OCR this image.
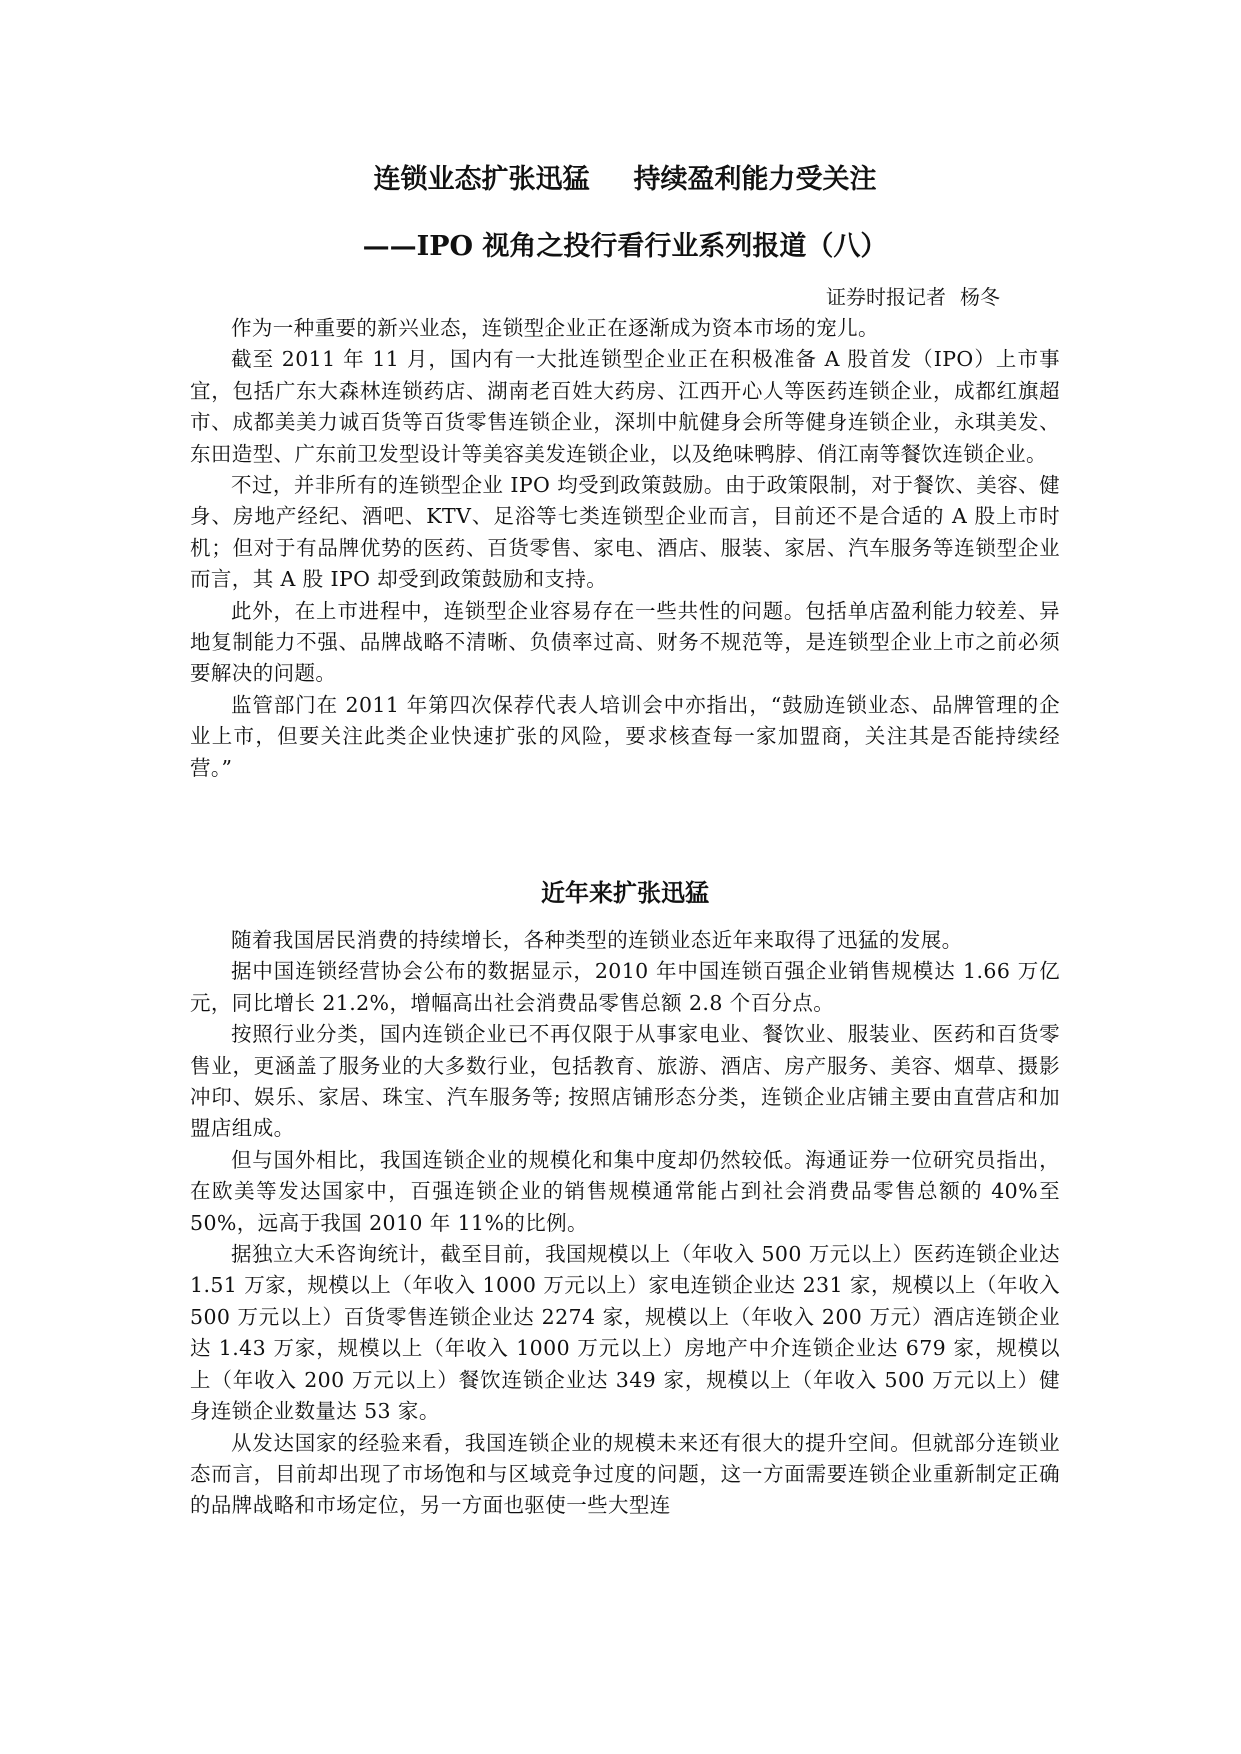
连锁业态扩张迅猛 持续盈利能力受关注
——IPO 视角之投行看行业系列报道（八）
证券时报记者 杨冬

作为一种重要的新兴业态，连锁型企业正在逐渐成为资本市场的宠儿。

截至 2011 年 11 月，国内有一大批连锁型企业正在积极准备 A 股首发（IPO）上市事宜，包括广东大森林连锁药店、湖南老百姓大药房、江西开心人等医药连锁企业，成都红旗超市、成都美美力诚百货等百货零售连锁企业，深圳中航健身会所等健身连锁企业，永琪美发、东田造型、广东前卫发型设计等美容美发连锁企业，以及绝味鸭脖、俏江南等餐饮连锁企业。

不过，并非所有的连锁型企业 IPO 均受到政策鼓励。由于政策限制，对于餐饮、美容、健身、房地产经纪、酒吧、KTV、足浴等七类连锁型企业而言，目前还不是合适的 A 股上市时机；但对于有品牌优势的医药、百货零售、家电、酒店、服装、家居、汽车服务等连锁型企业而言，其 A 股 IPO 却受到政策鼓励和支持。

此外，在上市进程中，连锁型企业容易存在一些共性的问题。包括单店盈利能力较差、异地复制能力不强、品牌战略不清晰、负债率过高、财务不规范等，是连锁型企业上市之前必须要解决的问题。

监管部门在 2011 年第四次保荐代表人培训会中亦指出，“鼓励连锁业态、品牌管理的企业上市，但要关注此类企业快速扩张的风险，要求核查每一家加盟商，关注其是否能持续经营。”

近年来扩张迅猛

随着我国居民消费的持续增长，各种类型的连锁业态近年来取得了迅猛的发展。

据中国连锁经营协会公布的数据显示，2010 年中国连锁百强企业销售规模达 1.66 万亿元，同比增长 21.2%，增幅高出社会消费品零售总额 2.8 个百分点。

按照行业分类，国内连锁企业已不再仅限于从事家电业、餐饮业、服装业、医药和百货零售业，更涵盖了服务业的大多数行业，包括教育、旅游、酒店、房产服务、美容、烟草、摄影冲印、娱乐、家居、珠宝、汽车服务等; 按照店铺形态分类，连锁企业店铺主要由直营店和加盟店组成。

但与国外相比，我国连锁企业的规模化和集中度却仍然较低。海通证券一位研究员指出，在欧美等发达国家中，百强连锁企业的销售规模通常能占到社会消费品零售总额的 40%至 50%，远高于我国 2010 年 11%的比例。

据独立大禾咨询统计，截至目前，我国规模以上（年收入 500 万元以上）医药连锁企业达 1.51 万家，规模以上（年收入 1000 万元以上）家电连锁企业达 231 家，规模以上（年收入 500 万元以上）百货零售连锁企业达 2274 家，规模以上（年收入 200 万元）酒店连锁企业达 1.43 万家，规模以上（年收入 1000 万元以上）房地产中介连锁企业达 679 家，规模以上（年收入 200 万元以上）餐饮连锁企业达 349 家，规模以上（年收入 500 万元以上）健身连锁企业数量达 53 家。

从发达国家的经验来看，我国连锁企业的规模未来还有很大的提升空间。但就部分连锁业态而言，目前却出现了市场饱和与区域竞争过度的问题，这一方面需要连锁企业重新制定正确的品牌战略和市场定位，另一方面也驱使一些大型连
